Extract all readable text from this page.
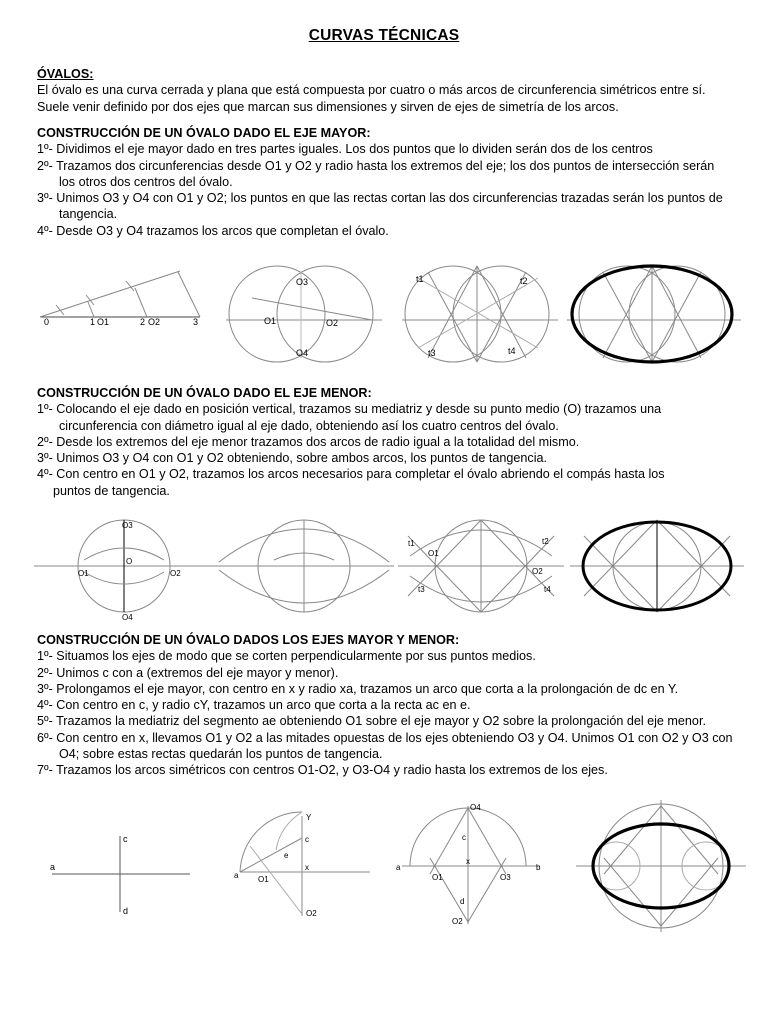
CURVAS TÉCNICAS

ÓVALOS:

El óvalo es una curva cerrada y plana que está compuesta por cuatro o más arcos de circunferencia simétricos entre sí.

Suele venir definido por dos ejes que marcan sus dimensiones y sirven de ejes de simetría de los arcos.

CONSTRUCCIÓN DE UN ÓVALO DADO EL EJE MAYOR:

1º- Dividimos el eje mayor dado en tres partes iguales. Los dos puntos que lo dividen serán dos de los centros

2º- Trazamos dos circunferencias desde O1 y O2 y radio hasta los extremos del eje; los dos puntos de intersección serán

los otros dos centros del óvalo.

3º- Unimos O3 y O4 con O1 y O2; los puntos en que las rectas cortan las dos circunferencias trazadas serán los puntos de

tangencia.

4º- Desde O3 y O4 trazamos los arcos que completan el óvalo.

0	1 O1	2 O2	3
O3
O1	O2
O4
t1	t2
t3	t4

CONSTRUCCIÓN DE UN ÓVALO DADO EL EJE MENOR:

1º- Colocando el eje dado en posición vertical, trazamos su mediatriz y desde su punto medio (O) trazamos una

circunferencia con diámetro igual al eje dado, obteniendo así los cuatro centros del óvalo.

2º- Desde los extremos del eje menor trazamos dos arcos de radio igual a la totalidad del mismo.

3º- Unimos O3 y O4 con O1 y O2 obteniendo, sobre ambos arcos, los puntos de tangencia.

4º- Con centro en O1 y O2, trazamos los arcos necesarios para completar el óvalo abriendo el compás hasta los

puntos de tangencia.

O3
O
O1	O2
O4
t1
O1
t2
O2
t3	t4

CONSTRUCCIÓN DE UN ÓVALO DADOS LOS EJES MAYOR Y MENOR:

1º- Situamos los ejes de modo que se corten perpendicularmente por sus puntos medios.

2º- Unimos c con a (extremos del eje mayor y menor).

3º- Prolongamos el eje mayor, con centro en x y radio xa, trazamos un arco que corta a la prolongación de dc en Y.

4º- Con centro en c, y radio cY, trazamos un arco que corta a la recta ac en e.

5º- Trazamos la mediatriz del segmento ae obteniendo O1 sobre el eje mayor y O2 sobre la prolongación del eje menor.

6º- Con centro en x, llevamos O1 y O2 a las mitades opuestas de los ejes obteniendo O3 y O4. Unimos O1 con O2 y O3 con

O4; sobre estas rectas quedarán los puntos de tangencia.

7º- Trazamos los arcos simétricos con centros O1-O2, y O3-O4 y radio hasta los extremos de los ejes.

a
c
d
Y
c
e
a
x
O1
O2
O4
c
a
x
b
O1	O3
d
O2
